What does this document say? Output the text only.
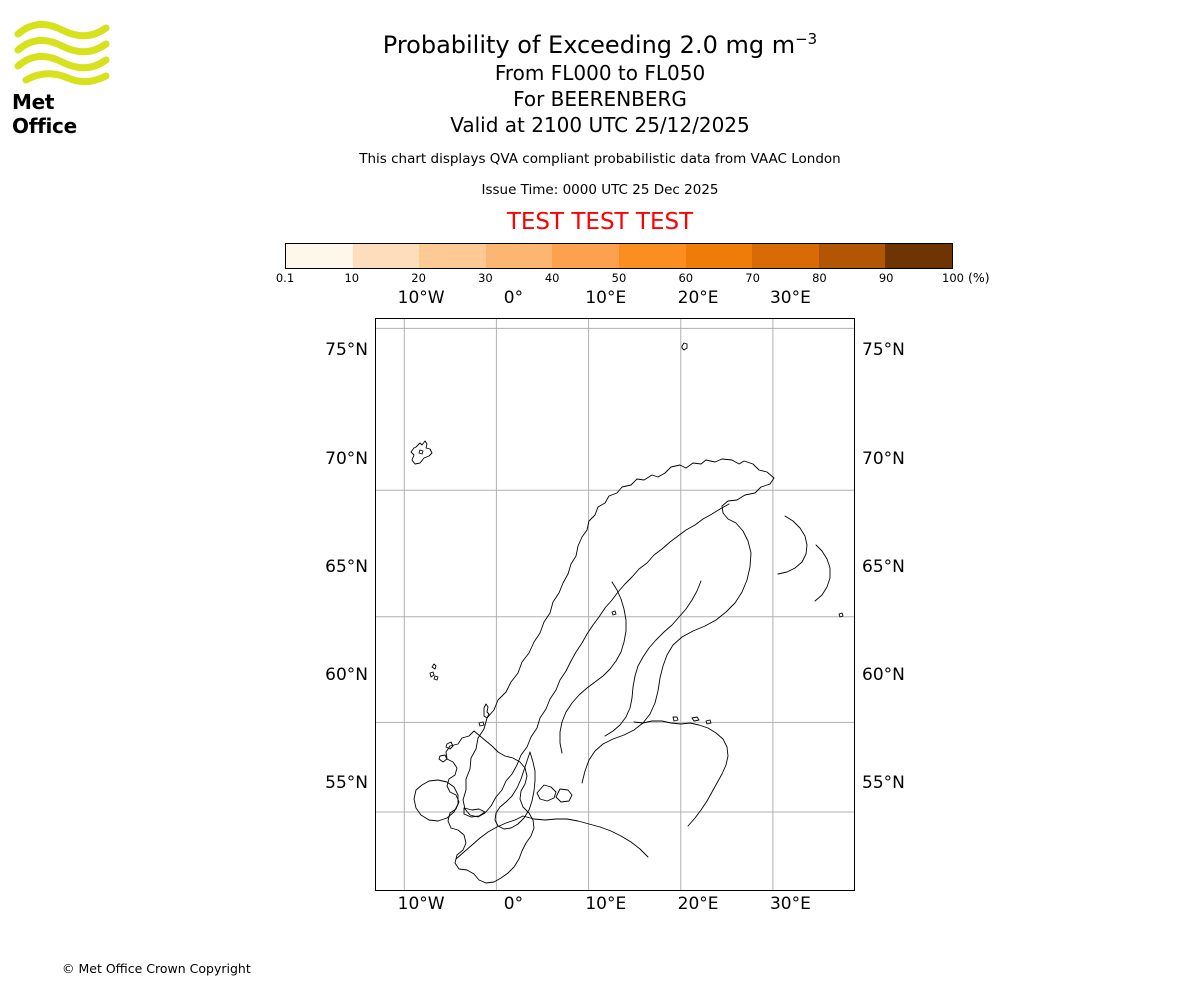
Met Office
Probability of Exceeding 2.0 mg $m^{-3}$
From FL000 to FL050
For BEERENBERG
Valid at 2100 UTC 25/12/2025
This chart displays QVA compliant probabilistic data from VAAC London
Issue Time: 0000 UTC 25 Dec 2025
TEST TEST TEST
0.1	10	20	30	40	50	60	70	80	90	100 (%)
10°W
10°W
0°
0°
10°E
10°E
20°E
20°E
30°E
30°E
55°N	55°N
60°N	60°N
65°N	65°N
70°N	70°N
75°N	75°N
© Met Office Crown Copyright
